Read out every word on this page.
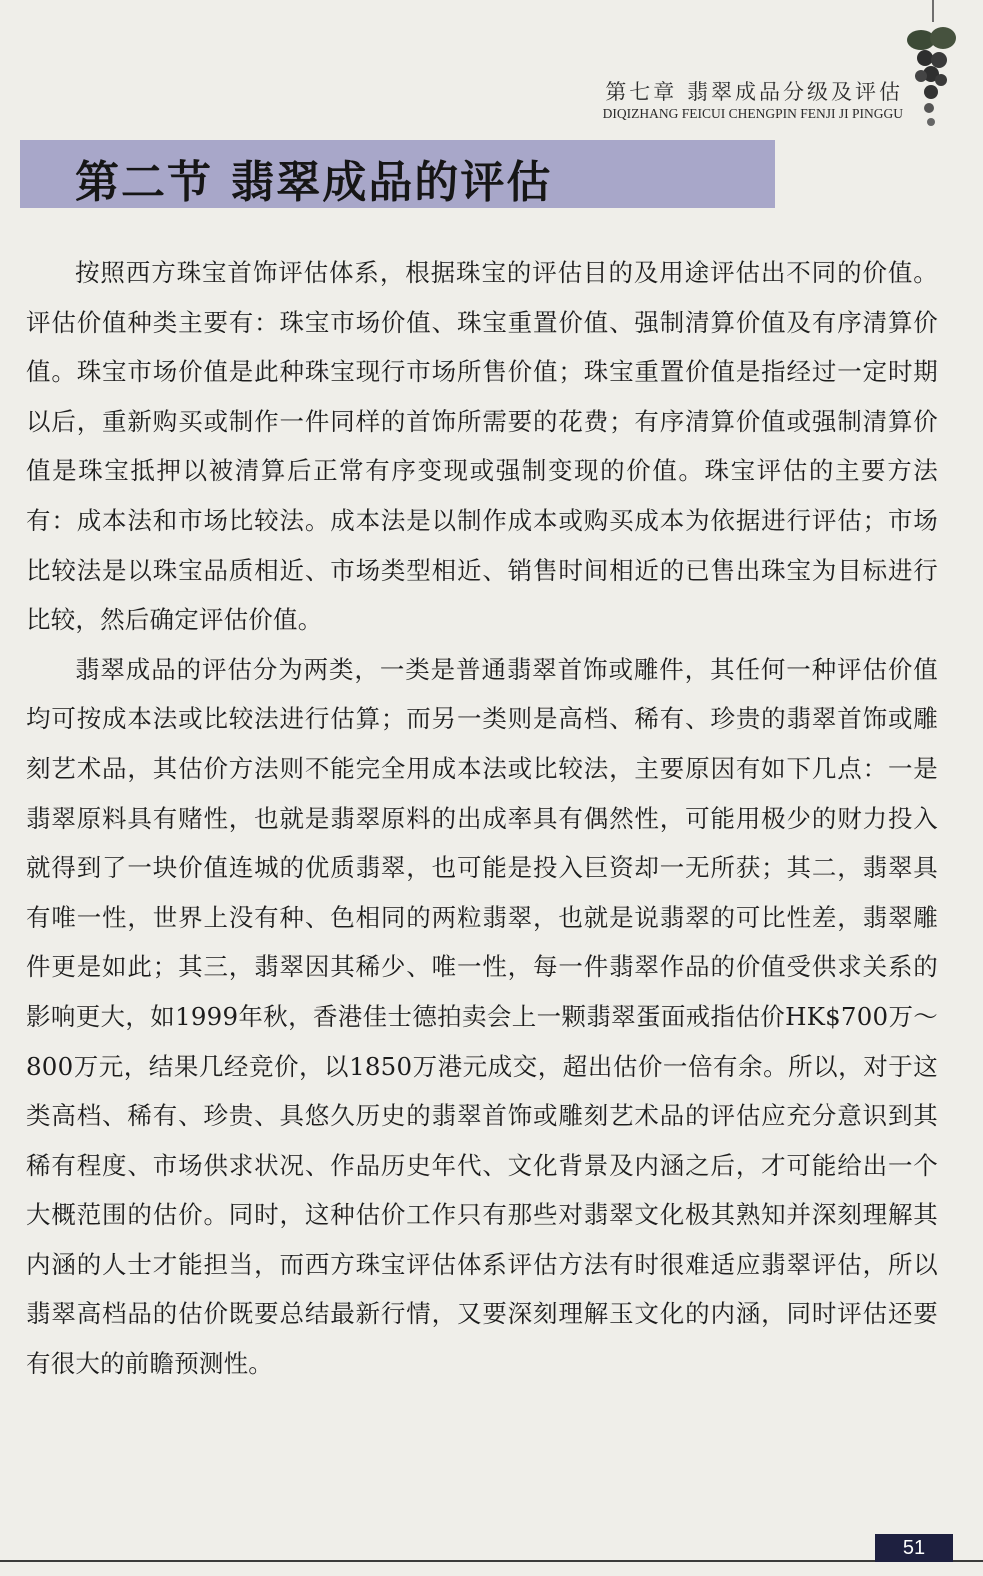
第七章 翡翠成品分级及评估
DIQIZHANG FEICUI CHENGPIN FENJI JI PINGGU
第二节 翡翠成品的评估

按照西方珠宝首饰评估体系，根据珠宝的评估目的及用途评估出不同的价值。评估价值种类主要有：珠宝市场价值、珠宝重置价值、强制清算价值及有序清算价值。珠宝市场价值是此种珠宝现行市场所售价值；珠宝重置价值是指经过一定时期以后，重新购买或制作一件同样的首饰所需要的花费；有序清算价值或强制清算价值是珠宝抵押以被清算后正常有序变现或强制变现的价值。珠宝评估的主要方法有：成本法和市场比较法。成本法是以制作成本或购买成本为依据进行评估；市场比较法是以珠宝品质相近、市场类型相近、销售时间相近的已售出珠宝为目标进行比较，然后确定评估价值。

翡翠成品的评估分为两类，一类是普通翡翠首饰或雕件，其任何一种评估价值均可按成本法或比较法进行估算；而另一类则是高档、稀有、珍贵的翡翠首饰或雕刻艺术品，其估价方法则不能完全用成本法或比较法，主要原因有如下几点：一是翡翠原料具有赌性，也就是翡翠原料的出成率具有偶然性，可能用极少的财力投入就得到了一块价值连城的优质翡翠，也可能是投入巨资却一无所获；其二，翡翠具有唯一性，世界上没有种、色相同的两粒翡翠，也就是说翡翠的可比性差，翡翠雕件更是如此；其三，翡翠因其稀少、唯一性，每一件翡翠作品的价值受供求关系的影响更大，如1999年秋，香港佳士德拍卖会上一颗翡翠蛋面戒指估价HK$700万～800万元，结果几经竞价，以1850万港元成交，超出估价一倍有余。所以，对于这类高档、稀有、珍贵、具悠久历史的翡翠首饰或雕刻艺术品的评估应充分意识到其稀有程度、市场供求状况、作品历史年代、文化背景及内涵之后，才可能给出一个大概范围的估价。同时，这种估价工作只有那些对翡翠文化极其熟知并深刻理解其内涵的人士才能担当，而西方珠宝评估体系评估方法有时很难适应翡翠评估，所以翡翠高档品的估价既要总结最新行情，又要深刻理解玉文化的内涵，同时评估还要有很大的前瞻预测性。

51
